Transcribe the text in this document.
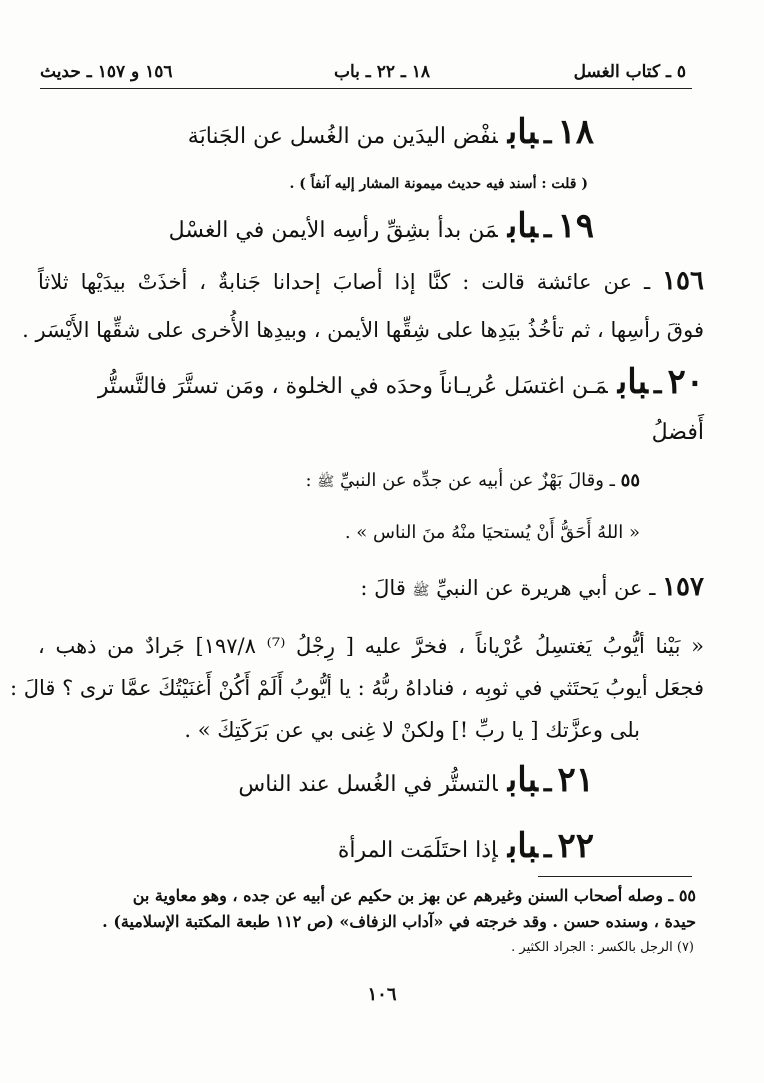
٥ ـ كتاب الغسل
١٨ ـ ٢٢ ـ باب
١٥٦ و ١٥٧ ـ حديث
١٨ـبابنفْض اليدَين من الغُسل عن الجَنابَة
( قلت : أسند فيه حديث ميمونة المشار إليه آنفاً ) .
١٩ـبابمَن بدأ بشِقِّ رأسِه الأيمن في الغسْل
١٥٦ ـ عن عائشة قالت : كنَّا إذا أصابَ إحدانا جَنابةٌ ، أخذَتْ بيدَيْها ثلاثاً
فوقَ رأسِها ، ثم تأخُذُ بيَدِها على شِقِّها الأيمن ، وبيدِها الأُخرى على شقِّها الأَيْسَر .
٢٠ـبابمَـن اغتسَل عُريـاناً وحدَه في الخلوة ، ومَن تستَّرَ فالتَّستُّر
أَفضلُ
٥٥ ـ وقالَ بَهْزٌ عن أبيه عن جدِّه عن النبيِّ ﷺ :
« اللهُ أَحَقُّ أَنْ يُستحيَا منْهُ منَ الناس » .
١٥٧ ـ عن أبي هريرة عن النبيِّ ﷺ قالَ :
« بَيْنا أيُّوبُ يَغتسِلُ عُرْياناً ، فخرَّ عليه [ رِجْلُ ⁽⁷⁾ ١٩٧/٨] جَرادٌ من ذهب ،
فجعَل أيوبُ يَحتَثي في ثوبِه ، فناداهُ ربُّهُ : يا أيُّوبُ أَلَمْ أَكُنْ أَغنَيْتُكَ عمَّا ترى ؟ قالَ :
بلى وعزَّتك [ يا ربِّ !] ولكنْ لا غِنى بي عن بَرَكَتِكَ » .
٢١ـبابالتستُّر في الغُسل عند الناس
٢٢ـبابإذا احتَلَمَت المرأة
٥٥ ـ وصله أصحاب السنن وغيرهم عن بهز بن حكيم عن أبيه عن جده ، وهو معاوية بن
حيدة ، وسنده حسن . وقد خرجته في «آداب الزفاف» (ص ١١٢ طبعة المكتبة الإسلامية) .
(٧) الرجل بالكسر : الجراد الكثير .
١٠٦
